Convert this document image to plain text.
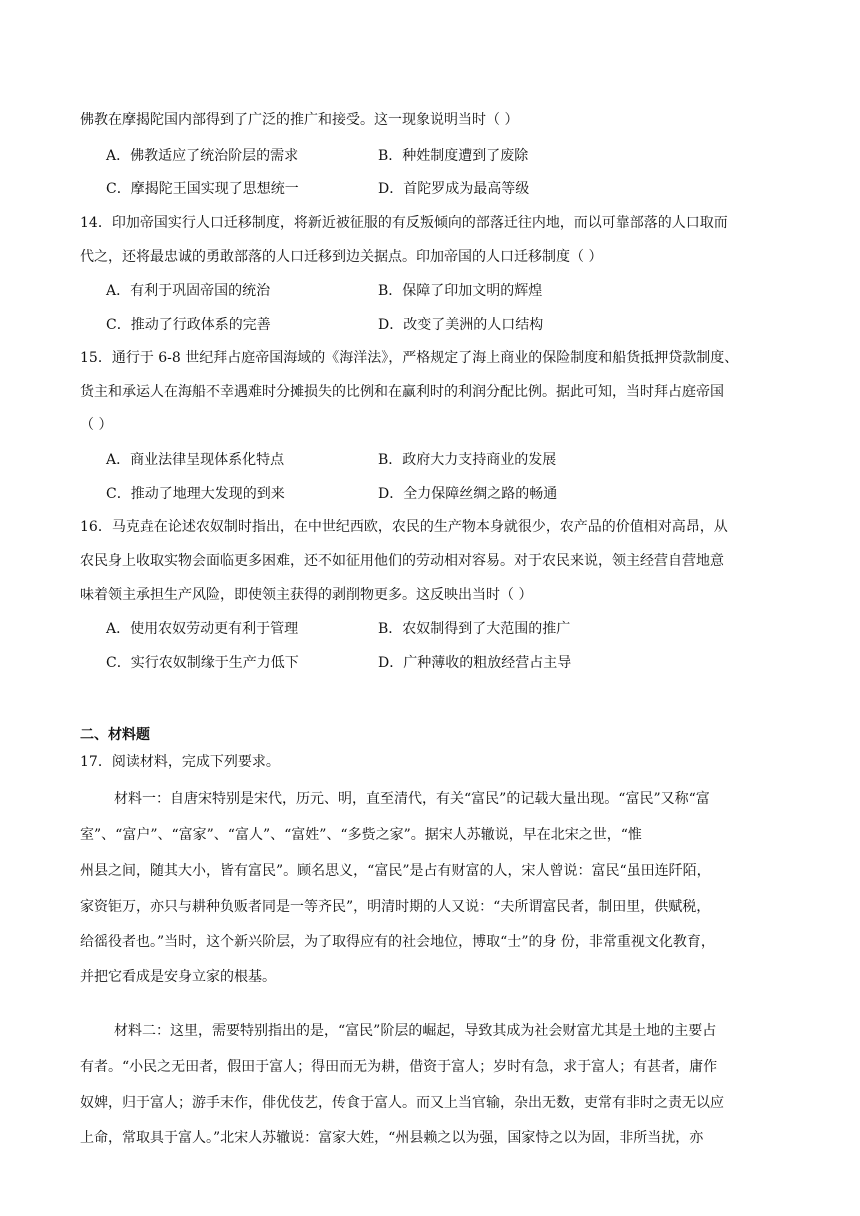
佛教在摩揭陀国内部得到了广泛的推广和接受。这一现象说明当时（ ）
A．佛教适应了统治阶层的需求	B．种姓制度遭到了废除
C．摩揭陀王国实现了思想统一	D．首陀罗成为最高等级
14．印加帝国实行人口迁移制度，将新近被征服的有反叛倾向的部落迁往内地，而以可靠部落的人口取而
代之，还将最忠诚的勇敢部落的人口迁移到边关据点。印加帝国的人口迁移制度（ ）
A．有利于巩固帝国的统治	B．保障了印加文明的辉煌
C．推动了行政体系的完善	D．改变了美洲的人口结构
15．通行于 6-8 世纪拜占庭帝国海域的《海洋法》，严格规定了海上商业的保险制度和船货抵押贷款制度、
货主和承运人在海船不幸遇难时分摊损失的比例和在赢利时的利润分配比例。据此可知，当时拜占庭帝国
（ ）
A．商业法律呈现体系化特点	B．政府大力支持商业的发展
C．推动了地理大发现的到来	D．全力保障丝绸之路的畅通
16．马克垚在论述农奴制时指出，在中世纪西欧，农民的生产物本身就很少，农产品的价值相对高昂，从
农民身上收取实物会面临更多困难，还不如征用他们的劳动相对容易。对于农民来说，领主经营自营地意
味着领主承担生产风险，即使领主获得的剥削物更多。这反映出当时（ ）
A．使用农奴劳动更有利于管理	B．农奴制得到了大范围的推广
C．实行农奴制缘于生产力低下	D．广种薄收的粗放经营占主导
二、材料题
17．阅读材料，完成下列要求。
材料一：自唐宋特别是宋代，历元、明，直至清代，有关“富民”的记载大量出现。“富民”又称“富
室”、“富户”、“富家”、“富人”、“富姓”、“多赀之家”。据宋人苏辙说，早在北宋之世，“惟
州县之间，随其大小，皆有富民”。顾名思义，“富民”是占有财富的人，宋人曾说：富民“虽田连阡陌，
家资钜万，亦只与耕种负贩者同是一等齐民”，明清时期的人又说：“夫所谓富民者，制田里，供赋税，
给徭役者也。”当时，这个新兴阶层，为了取得应有的社会地位，博取“士”的身 份，非常重视文化教育，
并把它看成是安身立家的根基。
材料二：这里，需要特别指出的是，“富民”阶层的崛起，导致其成为社会财富尤其是土地的主要占
有者。“小民之无田者，假田于富人；得田而无为耕，借资于富人；岁时有急，求于富人；有甚者，庸作
奴婢，归于富人；游手末作，俳优伎艺，传食于富人。而又上当官输，杂出无数，吏常有非时之责无以应
上命，常取具于富人。”北宋人苏辙说：富家大姓，“州县赖之以为强，国家恃之以为固，非所当扰，亦
